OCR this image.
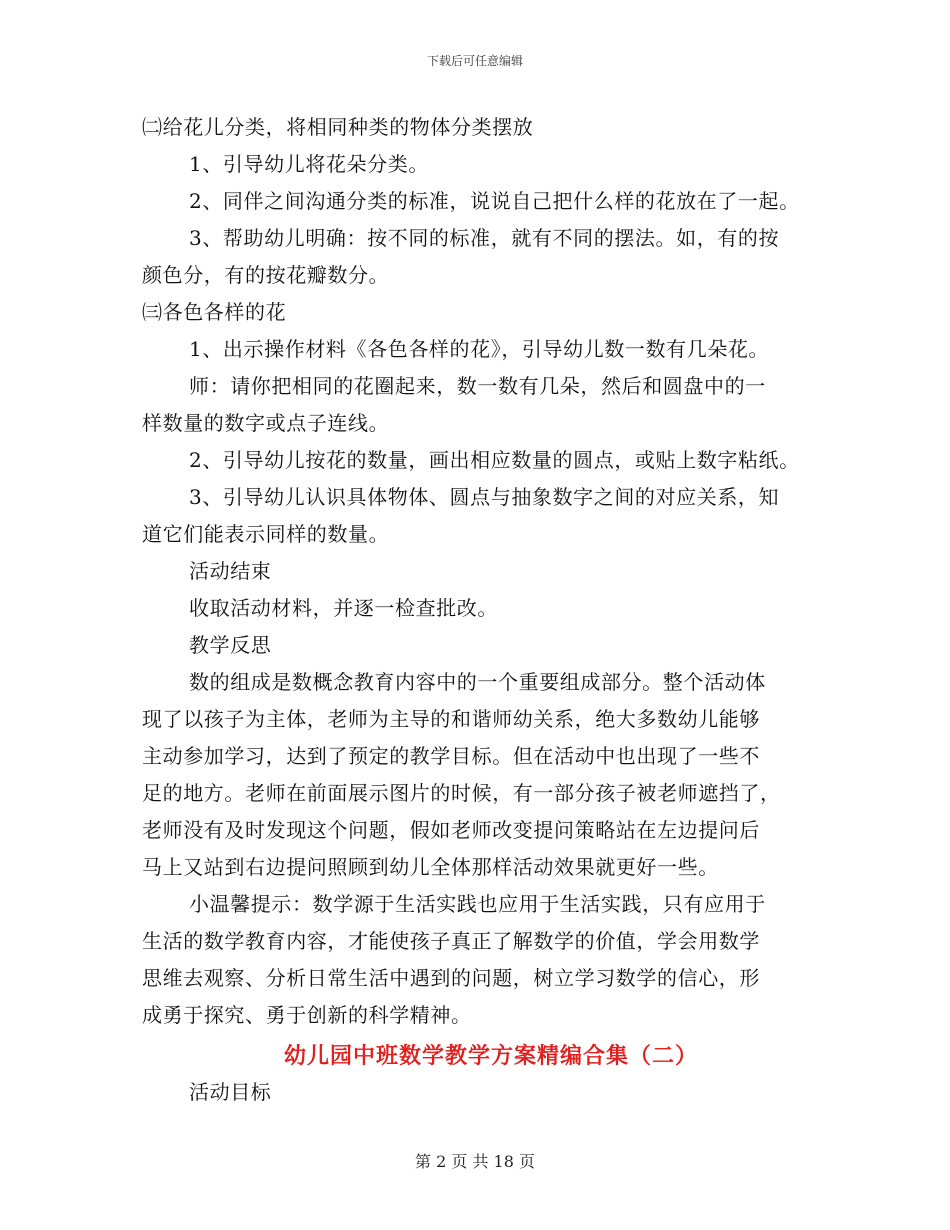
下载后可任意编辑

㈡给花儿分类，将相同种类的物体分类摆放

1、引导幼儿将花朵分类。

2、同伴之间沟通分类的标准，说说自己把什么样的花放在了一起。

3、帮助幼儿明确：按不同的标准，就有不同的摆法。如，有的按

颜色分，有的按花瓣数分。

㈢各色各样的花

1、出示操作材料《各色各样的花》，引导幼儿数一数有几朵花。

师：请你把相同的花圈起来，数一数有几朵，然后和圆盘中的一

样数量的数字或点子连线。

2、引导幼儿按花的数量，画出相应数量的圆点，或贴上数字粘纸。

3、引导幼儿认识具体物体、圆点与抽象数字之间的对应关系，知

道它们能表示同样的数量。

活动结束

收取活动材料，并逐一检查批改。

教学反思

数的组成是数概念教育内容中的一个重要组成部分。整个活动体

现了以孩子为主体，老师为主导的和谐师幼关系，绝大多数幼儿能够

主动参加学习，达到了预定的教学目标。但在活动中也出现了一些不

足的地方。老师在前面展示图片的时候，有一部分孩子被老师遮挡了，

老师没有及时发现这个问题，假如老师改变提问策略站在左边提问后

马上又站到右边提问照顾到幼儿全体那样活动效果就更好一些。

小温馨提示：数学源于生活实践也应用于生活实践，只有应用于

生活的数学教育内容，才能使孩子真正了解数学的价值，学会用数学

思维去观察、分析日常生活中遇到的问题，树立学习数学的信心，形

成勇于探究、勇于创新的科学精神。

幼儿园中班数学教学方案精编合集（二）

活动目标

第 2 页 共 18 页
